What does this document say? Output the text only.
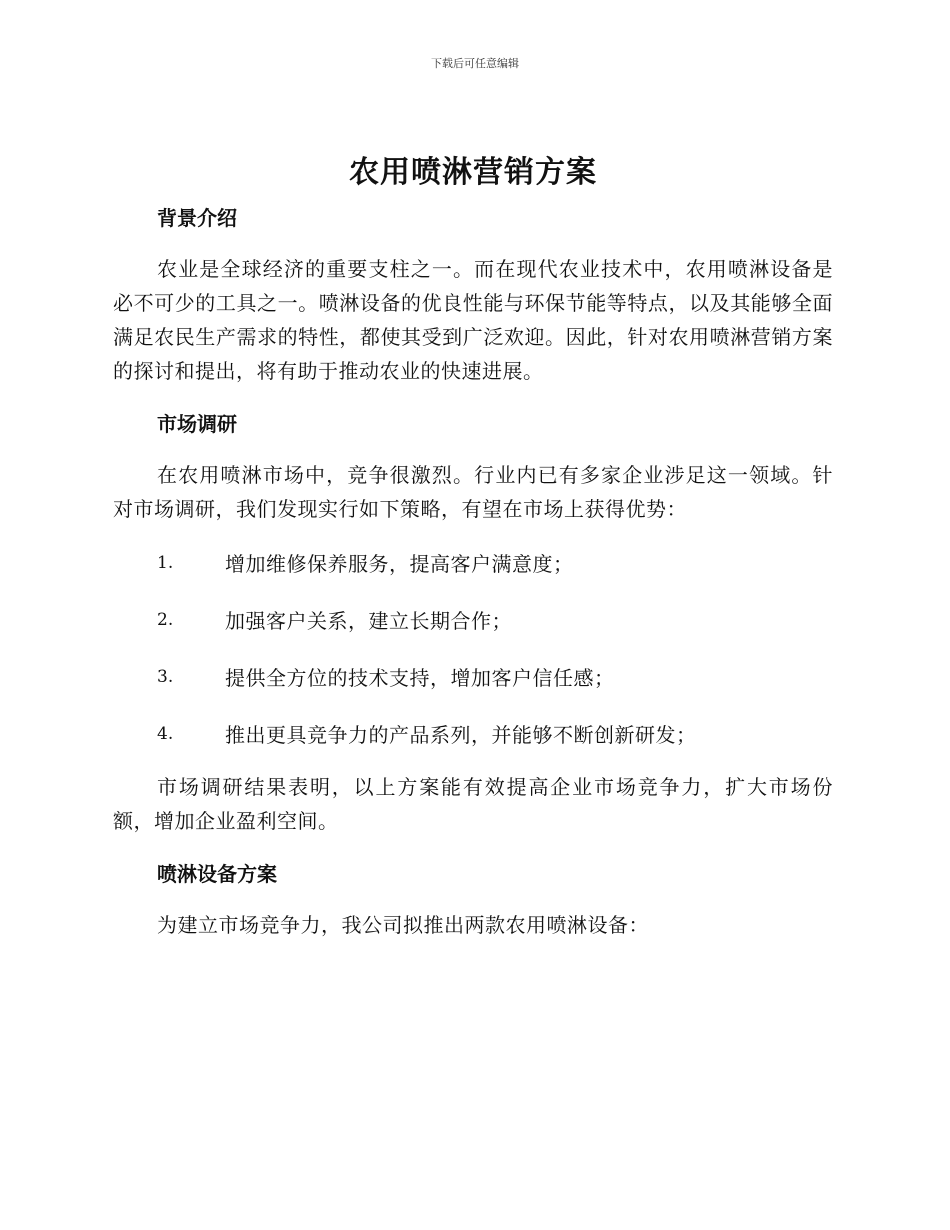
下载后可任意编辑
农用喷淋营销方案
背景介绍

农业是全球经济的重要支柱之一。而在现代农业技术中，农用喷淋设备是必不可少的工具之一。喷淋设备的优良性能与环保节能等特点，以及其能够全面满足农民生产需求的特性，都使其受到广泛欢迎。因此，针对农用喷淋营销方案的探讨和提出，将有助于推动农业的快速进展。

市场调研

在农用喷淋市场中，竞争很激烈。行业内已有多家企业涉足这一领域。针对市场调研，我们发现实行如下策略，有望在市场上获得优势：

1.	增加维修保养服务，提高客户满意度；
2.	加强客户关系，建立长期合作；
3.	提供全方位的技术支持，增加客户信任感；
4.	推出更具竞争力的产品系列，并能够不断创新研发；

市场调研结果表明，以上方案能有效提高企业市场竞争力，扩大市场份额，增加企业盈利空间。

喷淋设备方案

为建立市场竞争力，我公司拟推出两款农用喷淋设备：
